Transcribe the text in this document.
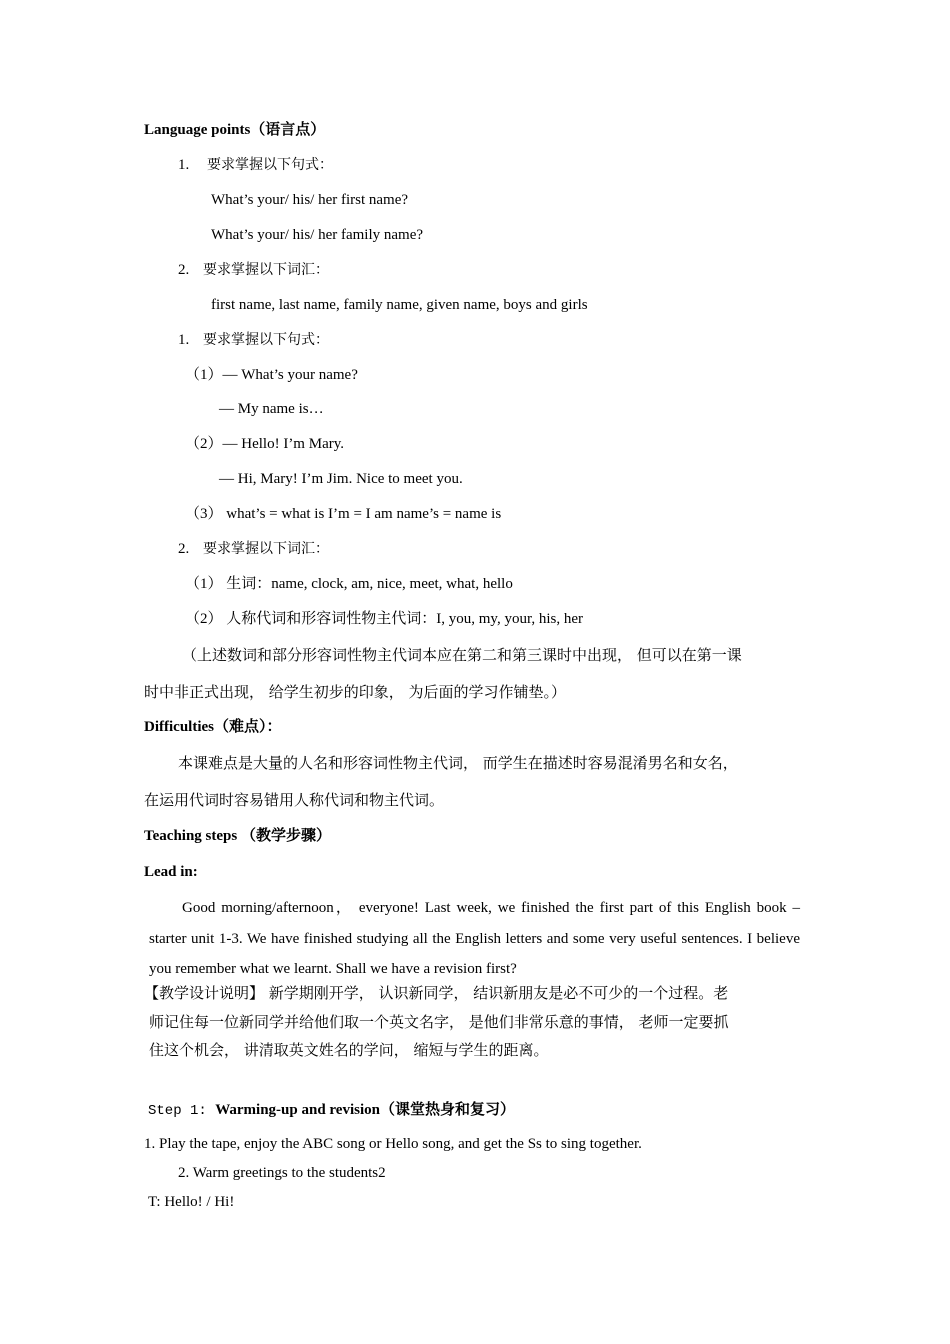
Language points（语言点）
1. 要求掌握以下句式：
What’s your/ his/ her first name?
What’s your/ his/ her family name?
2. 要求掌握以下词汇：
first name, last name, family name, given name, boys and girls
1. 要求掌握以下句式：
（1）— What’s your name?
— My name is…
（2）— Hello! I’m Mary.
— Hi, Mary! I’m Jim. Nice to meet you.
（3） what’s = what is I’m = I am name’s = name is
2. 要求掌握以下词汇：
（1） 生词：name, clock, am, nice, meet, what, hello
（2） 人称代词和形容词性物主代词：I, you, my, your, his, her
（上述数词和部分形容词性物主代词本应在第二和第三课时中出现， 但可以在第一课
时中非正式出现， 给学生初步的印象， 为后面的学习作铺垫。）
Difficulties（难点）：
本课难点是大量的人名和形容词性物主代词， 而学生在描述时容易混淆男名和女名，
在运用代词时容易错用人称代词和物主代词。
Teaching steps （教学步骤）
Lead in:
Good morning/afternoon， everyone! Last week, we finished the first part of this English book – starter unit 1-3. We have finished studying all the English letters and some very useful sentences. I believe you remember what we learnt. Shall we have a revision first?
【教学设计说明】 新学期刚开学， 认识新同学， 结识新朋友是必不可少的一个过程。老
师记住每一位新同学并给他们取一个英文名字， 是他们非常乐意的事情， 老师一定要抓
住这个机会， 讲清取英文姓名的学问， 缩短与学生的距离。
Step 1: Warming-up and revision（课堂热身和复习）
1. Play the tape, enjoy the ABC song or Hello song, and get the Ss to sing together.
2. Warm greetings to the students2
T: Hello! / Hi!
